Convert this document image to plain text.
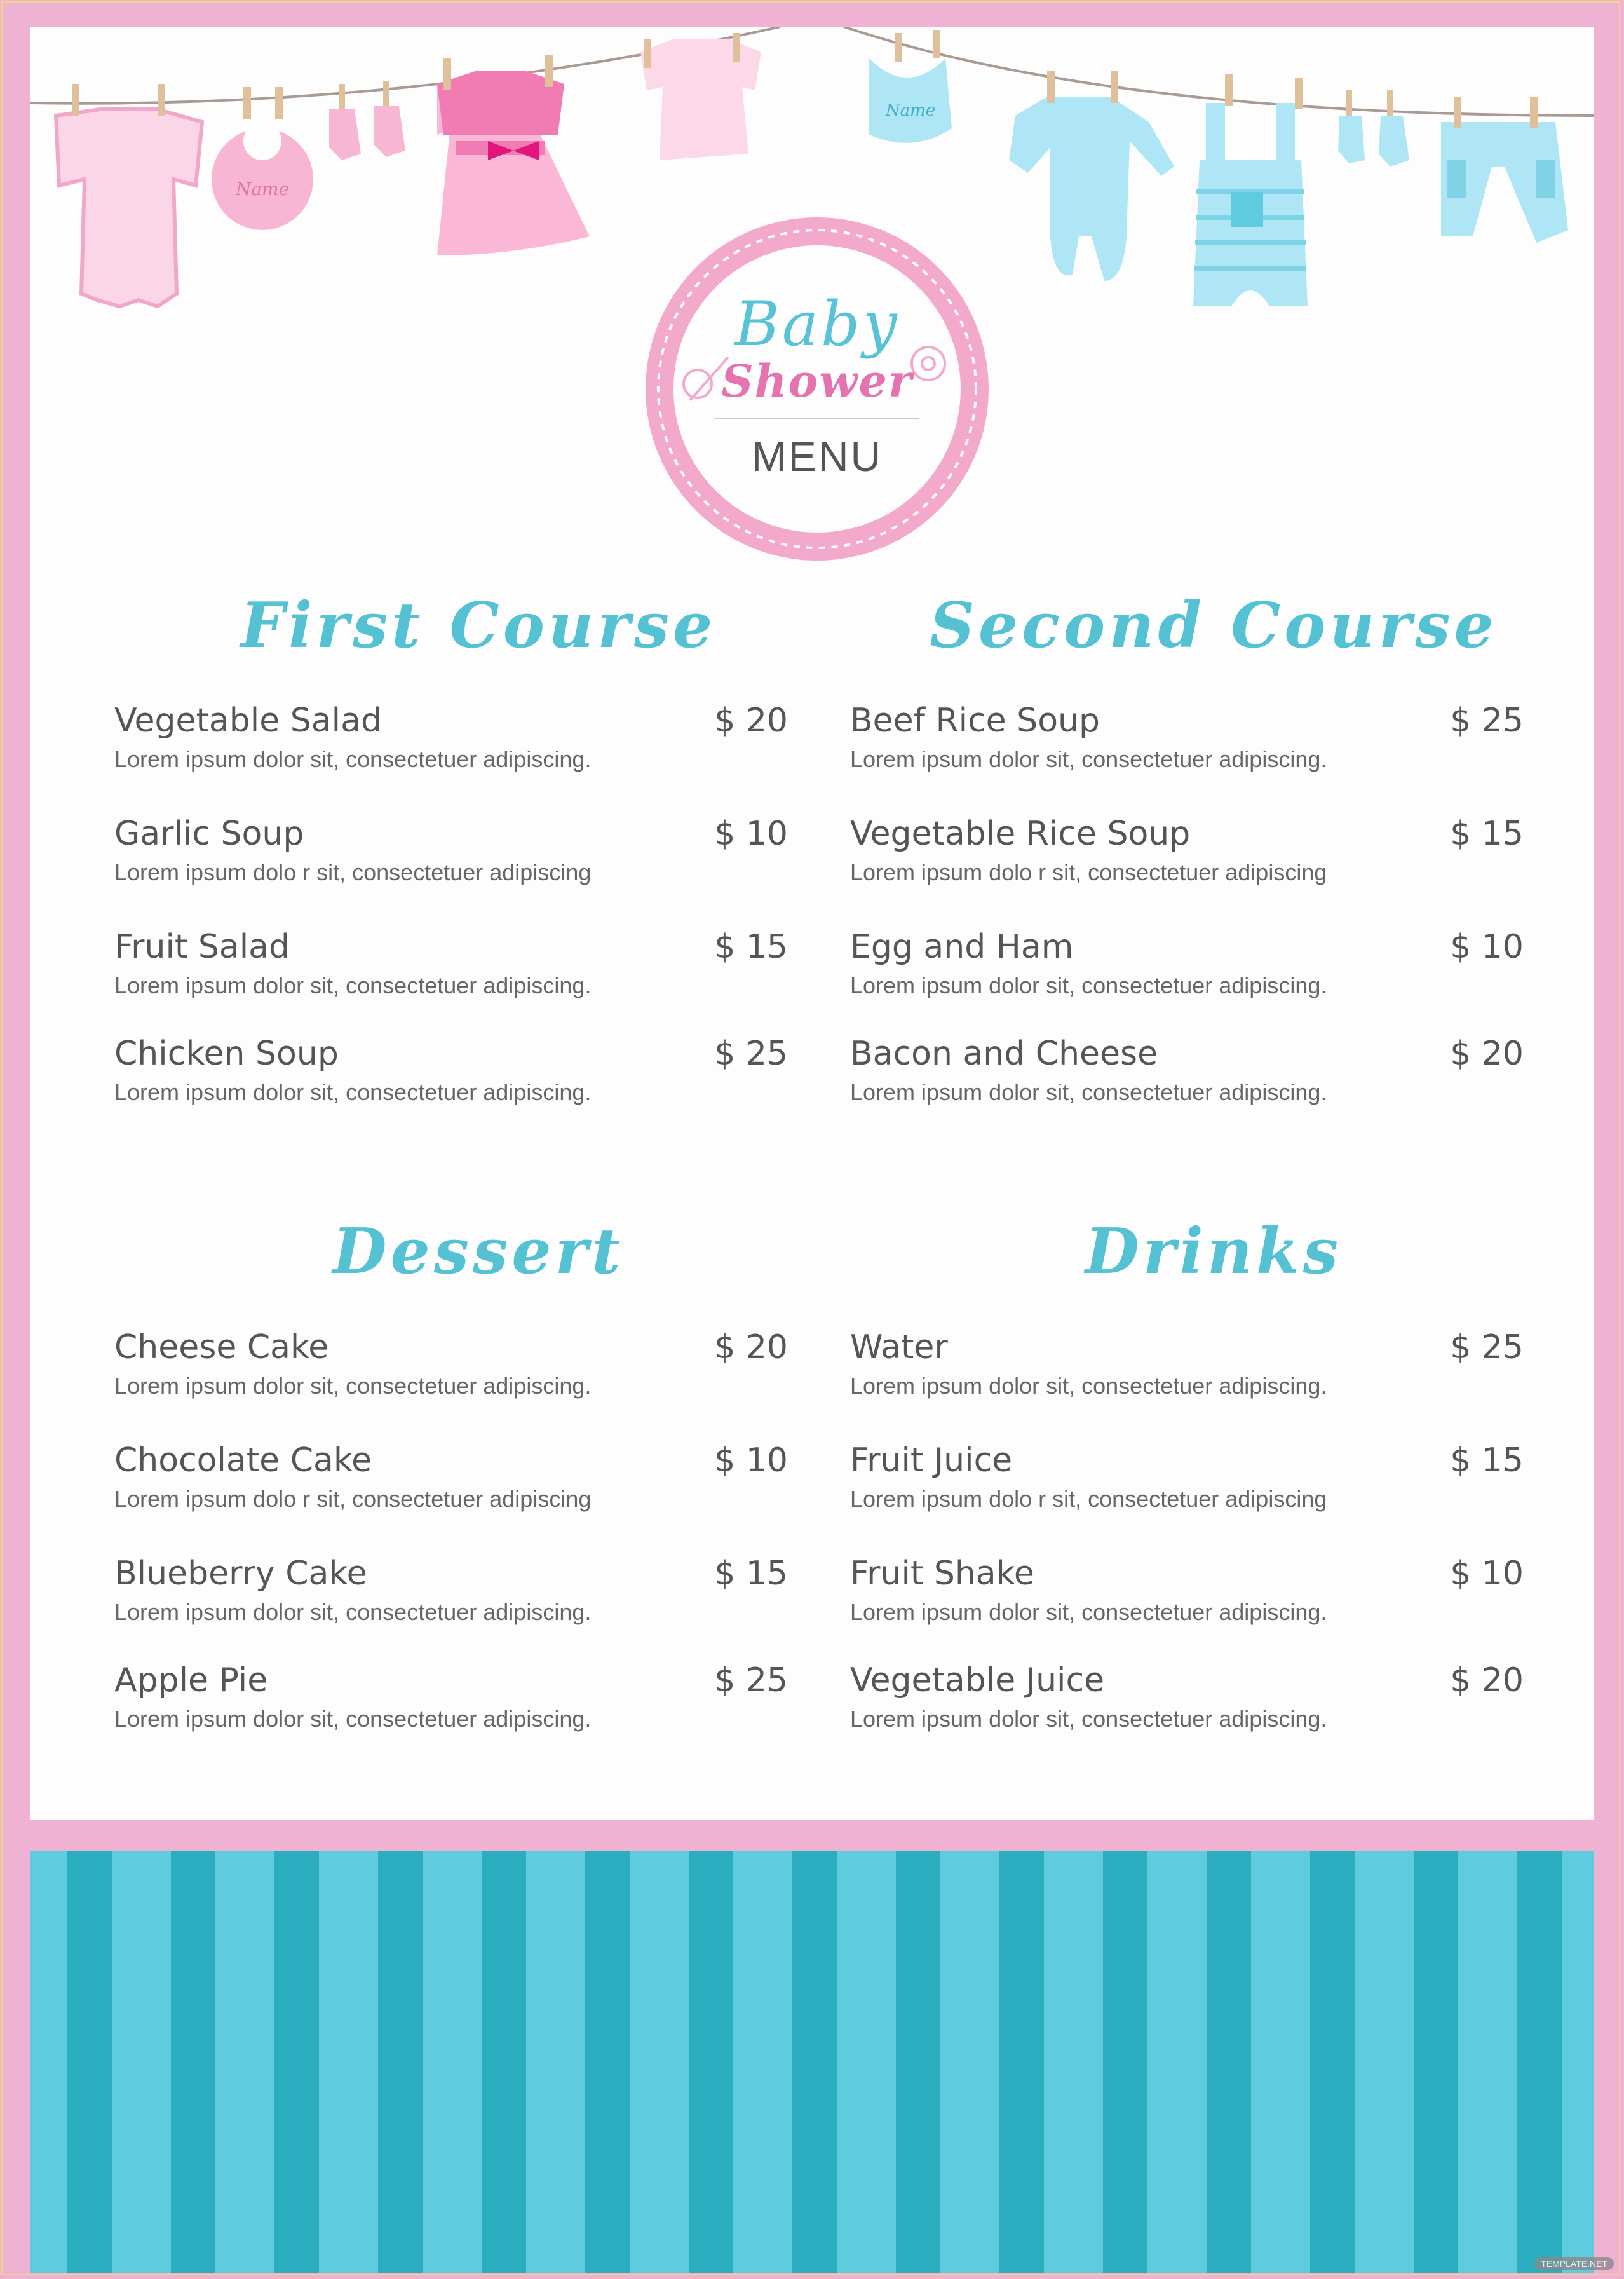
Name
Name
Baby
Shower
MENU
First Course
Vegetable Salad	$ 20
Lorem ipsum dolor sit, consectetuer adipiscing.
Garlic Soup	$ 10
Lorem ipsum dolo r sit, consectetuer adipiscing
Fruit Salad	$ 15
Lorem ipsum dolor sit, consectetuer adipiscing.
Chicken Soup	$ 25
Lorem ipsum dolor sit, consectetuer adipiscing.
Second Course
Beef Rice Soup	$ 25
Lorem ipsum dolor sit, consectetuer adipiscing.
Vegetable Rice Soup	$ 15
Lorem ipsum dolo r sit, consectetuer adipiscing
Egg and Ham	$ 10
Lorem ipsum dolor sit, consectetuer adipiscing.
Bacon and Cheese	$ 20
Lorem ipsum dolor sit, consectetuer adipiscing.
Dessert
Cheese Cake	$ 20
Lorem ipsum dolor sit, consectetuer adipiscing.
Chocolate Cake	$ 10
Lorem ipsum dolo r sit, consectetuer adipiscing
Blueberry Cake	$ 15
Lorem ipsum dolor sit, consectetuer adipiscing.
Apple Pie	$ 25
Lorem ipsum dolor sit, consectetuer adipiscing.
Drinks
Water	$ 25
Lorem ipsum dolor sit, consectetuer adipiscing.
Fruit Juice	$ 15
Lorem ipsum dolo r sit, consectetuer adipiscing
Fruit Shake	$ 10
Lorem ipsum dolor sit, consectetuer adipiscing.
Vegetable Juice	$ 20
Lorem ipsum dolor sit, consectetuer adipiscing.
TEMPLATE.NET
